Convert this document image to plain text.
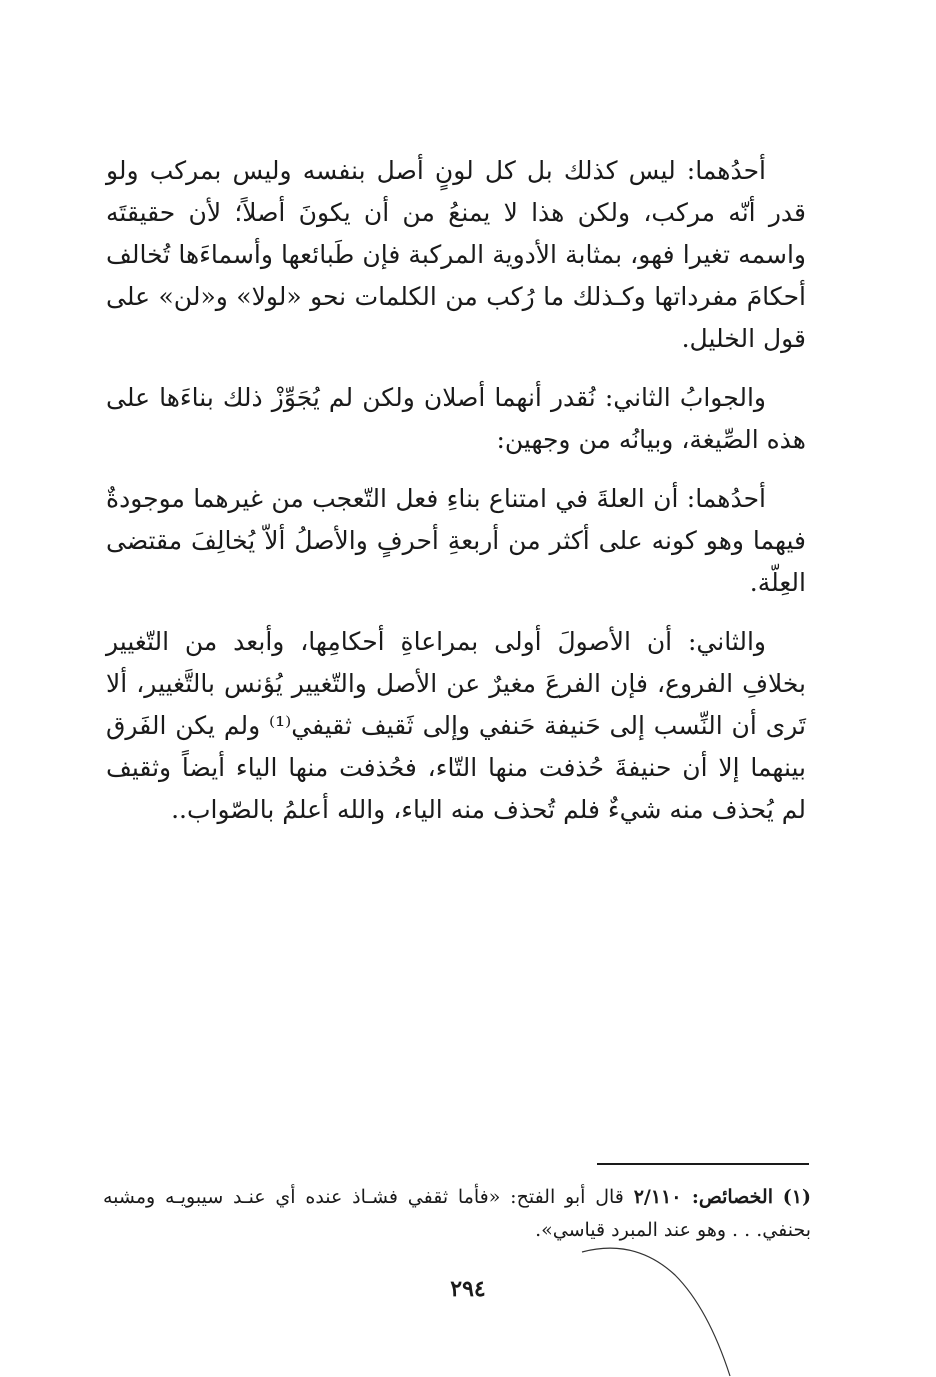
أحدُهما: ليس كذلك بل كل لونٍ أصل بنفسه وليس بمركب ولو قدر أنّه مركب، ولكن هذا لا يمنعُ من أن يكونَ أصلاً؛ لأن حقيقتَه واسمه تغيرا فهو، بمثابة الأدوية المركبة فإن طَبائعها وأسماءَها تُخالف أحكامَ مفرداتها وكـذلك ما رُكب من الكلمات نحو «لولا» و«لن» على قول الخليل.

والجوابُ الثاني: نُقدر أنهما أصلان ولكن لم يُجَوِّزْ ذلك بناءَها على هذه الصِّيغة، وبيانُه من وجهين:

أحدُهما: أن العلةَ في امتناع بناءِ فعل التّعجب من غيرهما موجودةٌ فيهما وهو كونه على أكثر من أربعةِ أحرفٍ والأصلُ ألاّ يُخالِفَ مقتضى العِلّة.

والثاني: أن الأصولَ أولى بمراعاةِ أحكامِها، وأبعد من التّغيير بخلافِ الفروع، فإن الفرعَ مغيرٌ عن الأصل والتّغيير يُؤنس بالتَّغيير، ألا تَرى أن النِّسب إلى حَنيفة حَنفي وإلى ثَقيف ثقيفي⁽¹⁾ ولم يكن الفَرق بينهما إلا أن حنيفةَ حُذفت منها التّاء، فحُذفت منها الياء أيضاً وثقيف لم يُحذف منه شيءٌ فلم تُحذف منه الياء، والله أعلمُ بالصّواب..

(١) الخصائص: ٢/١١٠ قال أبو الفتح: «فأما ثقفي فشـاذ عنده أي عنـد سيبويـه ومشبه بحنفي. . . وهو عند المبرد قياسي».

٢٩٤
